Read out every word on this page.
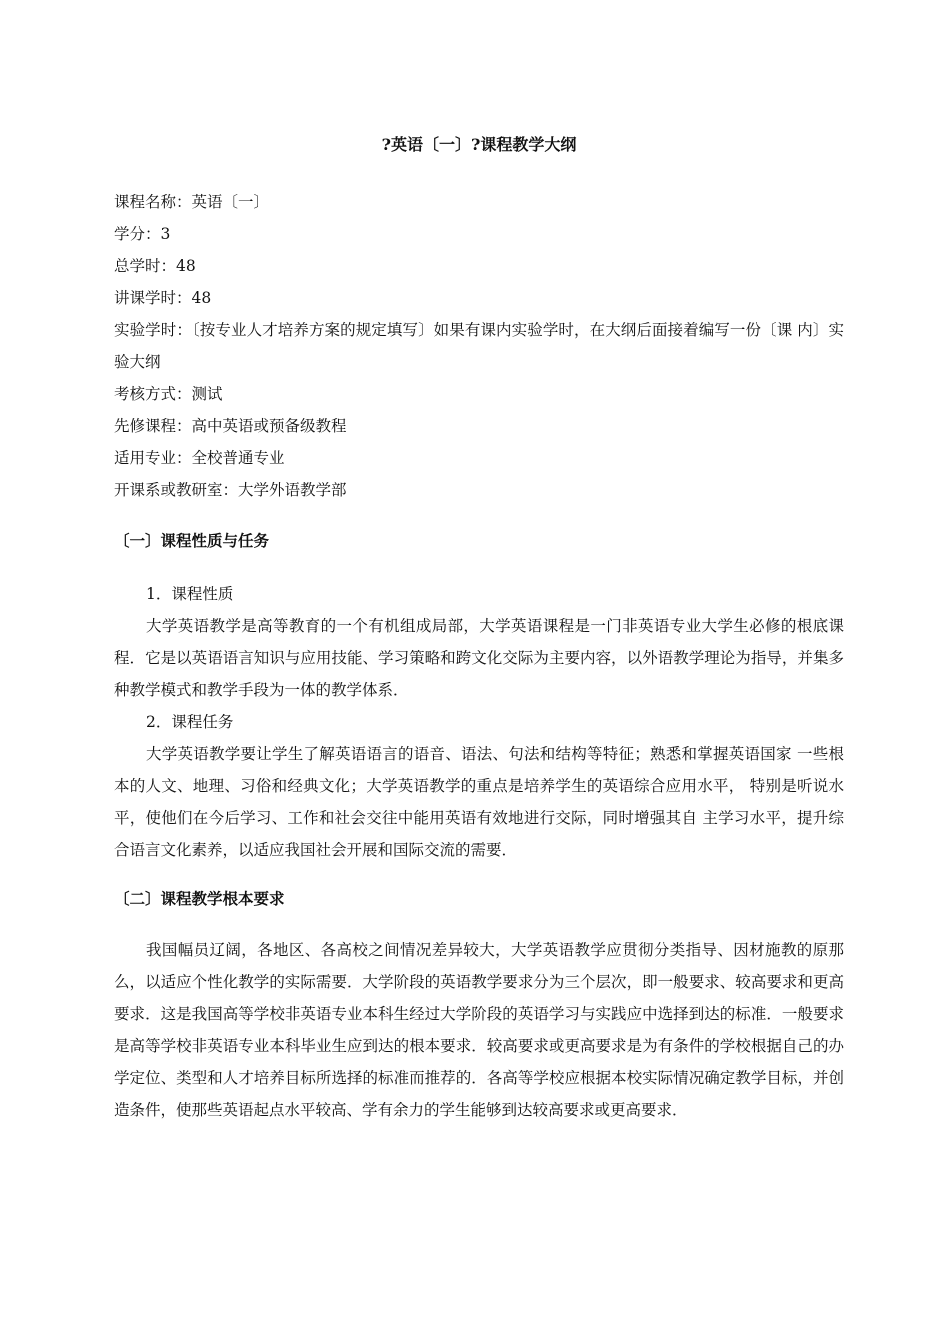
?英语〔一〕?课程教学大纲
课程名称：英语〔一〕
学分：3
总学时：48
讲课学时：48
实验学时：〔按专业人才培养方案的规定填写〕如果有课内实验学时，在大纲后面接着编写一份〔课 内〕实验大纲
考核方式：测试
先修课程：高中英语或预备级教程
适用专业：全校普通专业
开课系或教研室：大学外语教学部
〔一〕课程性质与任务
1．课程性质

大学英语教学是高等教育的一个有机组成局部，大学英语课程是一门非英语专业大学生必修的根底课程．它是以英语语言知识与应用技能、学习策略和跨文化交际为主要内容，以外语教学理论为指导，并集多种教学模式和教学手段为一体的教学体系．

2．课程任务

大学英语教学要让学生了解英语语言的语音、语法、句法和结构等特征；熟悉和掌握英语国家 一些根本的人文、地理、习俗和经典文化；大学英语教学的重点是培养学生的英语综合应用水平， 特别是听说水平，使他们在今后学习、工作和社会交往中能用英语有效地进行交际，同时增强其自 主学习水平，提升综合语言文化素养，以适应我国社会开展和国际交流的需要．

〔二〕课程教学根本要求

我国幅员辽阔，各地区、各高校之间情况差异较大，大学英语教学应贯彻分类指导、因材施教的原那么，以适应个性化教学的实际需要．大学阶段的英语教学要求分为三个层次，即一般要求、较高要求和更高要求．这是我国高等学校非英语专业本科生经过大学阶段的英语学习与实践应中选择到达的标准．一般要求是高等学校非英语专业本科毕业生应到达的根本要求．较高要求或更高要求是为有条件的学校根据自己的办学定位、类型和人才培养目标所选择的标准而推荐的．各高等学校应根据本校实际情况确定教学目标，并创造条件，使那些英语起点水平较高、学有余力的学生能够到达较高要求或更高要求．
